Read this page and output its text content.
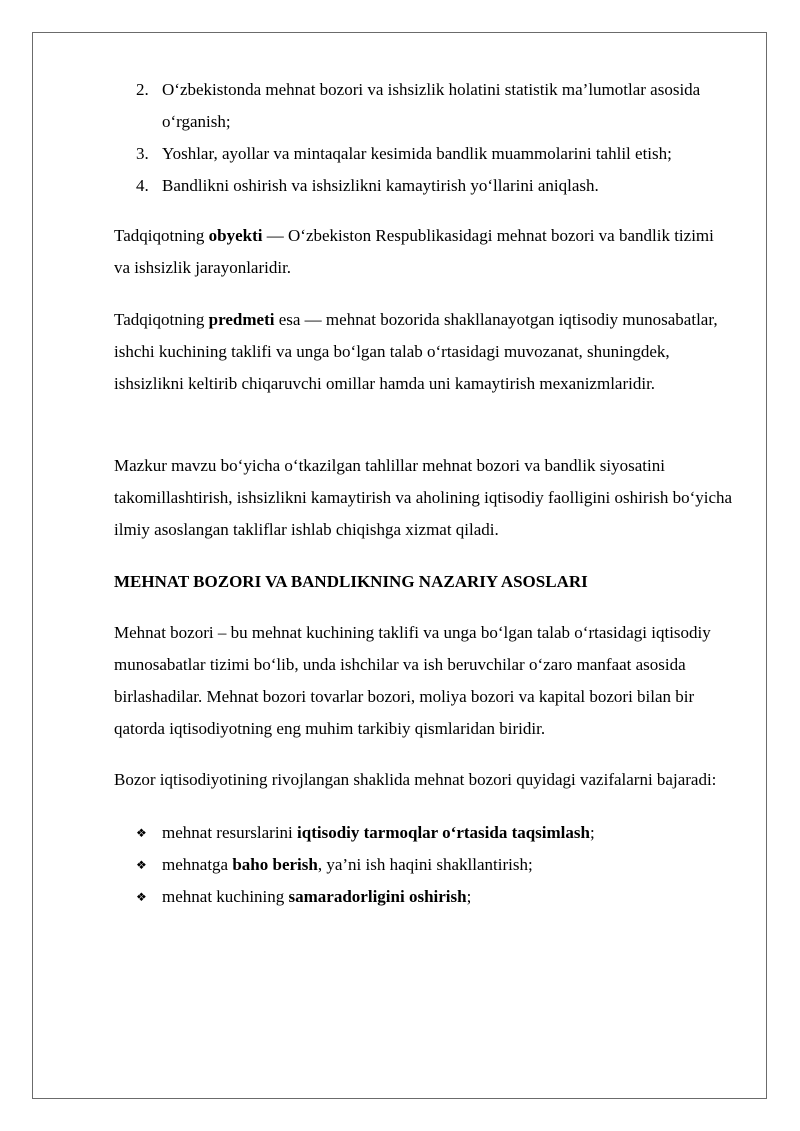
2. O‘zbekistonda mehnat bozori va ishsizlik holatini statistik ma’lumotlar asosida o‘rganish;
3. Yoshlar, ayollar va mintaqalar kesimida bandlik muammolarini tahlil etish;
4. Bandlikni oshirish va ishsizlikni kamaytirish yo‘llarini aniqlash.

Tadqiqotning obyekti — O‘zbekiston Respublikasidagi mehnat bozori va bandlik tizimi va ishsizlik jarayonlaridir.

Tadqiqotning predmeti esa — mehnat bozorida shakllanayotgan iqtisodiy munosabatlar, ishchi kuchining taklifi va unga bo‘lgan talab o‘rtasidagi muvozanat, shuningdek, ishsizlikni keltirib chiqaruvchi omillar hamda uni kamaytirish mexanizmlaridir.

Mazkur mavzu bo‘yicha o‘tkazilgan tahlillar mehnat bozori va bandlik siyosatini takomillashtirish, ishsizlikni kamaytirish va aholining iqtisodiy faolligini oshirish bo‘yicha ilmiy asoslangan takliflar ishlab chiqishga xizmat qiladi.

MEHNAT BOZORI VA BANDLIKNING NAZARIY ASOSLARI

Mehnat bozori – bu mehnat kuchining taklifi va unga bo‘lgan talab o‘rtasidagi iqtisodiy munosabatlar tizimi bo‘lib, unda ishchilar va ish beruvchilar o‘zaro manfaat asosida birlashadilar. Mehnat bozori tovarlar bozori, moliya bozori va kapital bozori bilan bir qatorda iqtisodiyotning eng muhim tarkibiy qismlaridan biridir.

Bozor iqtisodiyotining rivojlangan shaklida mehnat bozori quyidagi vazifalarni bajaradi:

❖ mehnat resurslarini iqtisodiy tarmoqlar o‘rtasida taqsimlash;
❖ mehnatga baho berish, ya’ni ish haqini shakllantirish;
❖ mehnat kuchining samaradorligini oshirish;
